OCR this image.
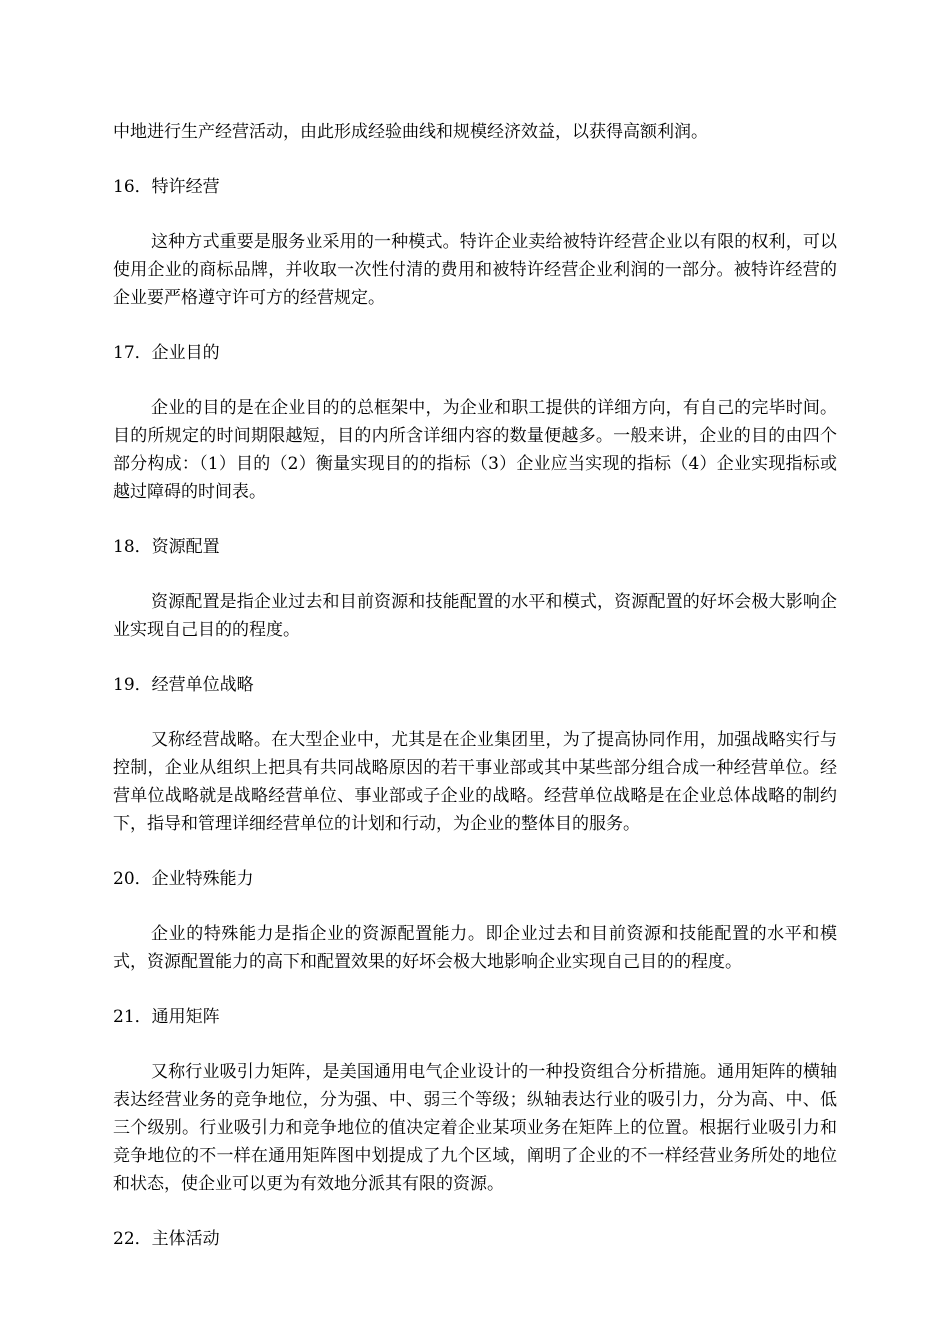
中地进行生产经营活动，由此形成经验曲线和规模经济效益，以获得高额利润。

16．特许经营

这种方式重要是服务业采用的一种模式。特许企业卖给被特许经营企业以有限的权利，可以使用企业的商标品牌，并收取一次性付清的费用和被特许经营企业利润的一部分。被特许经营的企业要严格遵守许可方的经营规定。

17．企业目的

企业的目的是在企业目的的总框架中，为企业和职工提供的详细方向，有自己的完毕时间。目的所规定的时间期限越短，目的内所含详细内容的数量便越多。一般来讲，企业的目的由四个部分构成：（1）目的（2）衡量实现目的的指标（3）企业应当实现的指标（4）企业实现指标或越过障碍的时间表。

18．资源配置

资源配置是指企业过去和目前资源和技能配置的水平和模式，资源配置的好坏会极大影响企业实现自己目的的程度。

19．经营单位战略

又称经营战略。在大型企业中，尤其是在企业集团里，为了提高协同作用，加强战略实行与控制，企业从组织上把具有共同战略原因的若干事业部或其中某些部分组合成一种经营单位。经营单位战略就是战略经营单位、事业部或子企业的战略。经营单位战略是在企业总体战略的制约下，指导和管理详细经营单位的计划和行动，为企业的整体目的服务。

20．企业特殊能力

企业的特殊能力是指企业的资源配置能力。即企业过去和目前资源和技能配置的水平和模式，资源配置能力的高下和配置效果的好坏会极大地影响企业实现自己目的的程度。

21．通用矩阵

又称行业吸引力矩阵，是美国通用电气企业设计的一种投资组合分析措施。通用矩阵的横轴表达经营业务的竞争地位，分为强、中、弱三个等级；纵轴表达行业的吸引力，分为高、中、低三个级别。行业吸引力和竞争地位的值决定着企业某项业务在矩阵上的位置。根据行业吸引力和竞争地位的不一样在通用矩阵图中划提成了九个区域，阐明了企业的不一样经营业务所处的地位和状态，使企业可以更为有效地分派其有限的资源。

22．主体活动
